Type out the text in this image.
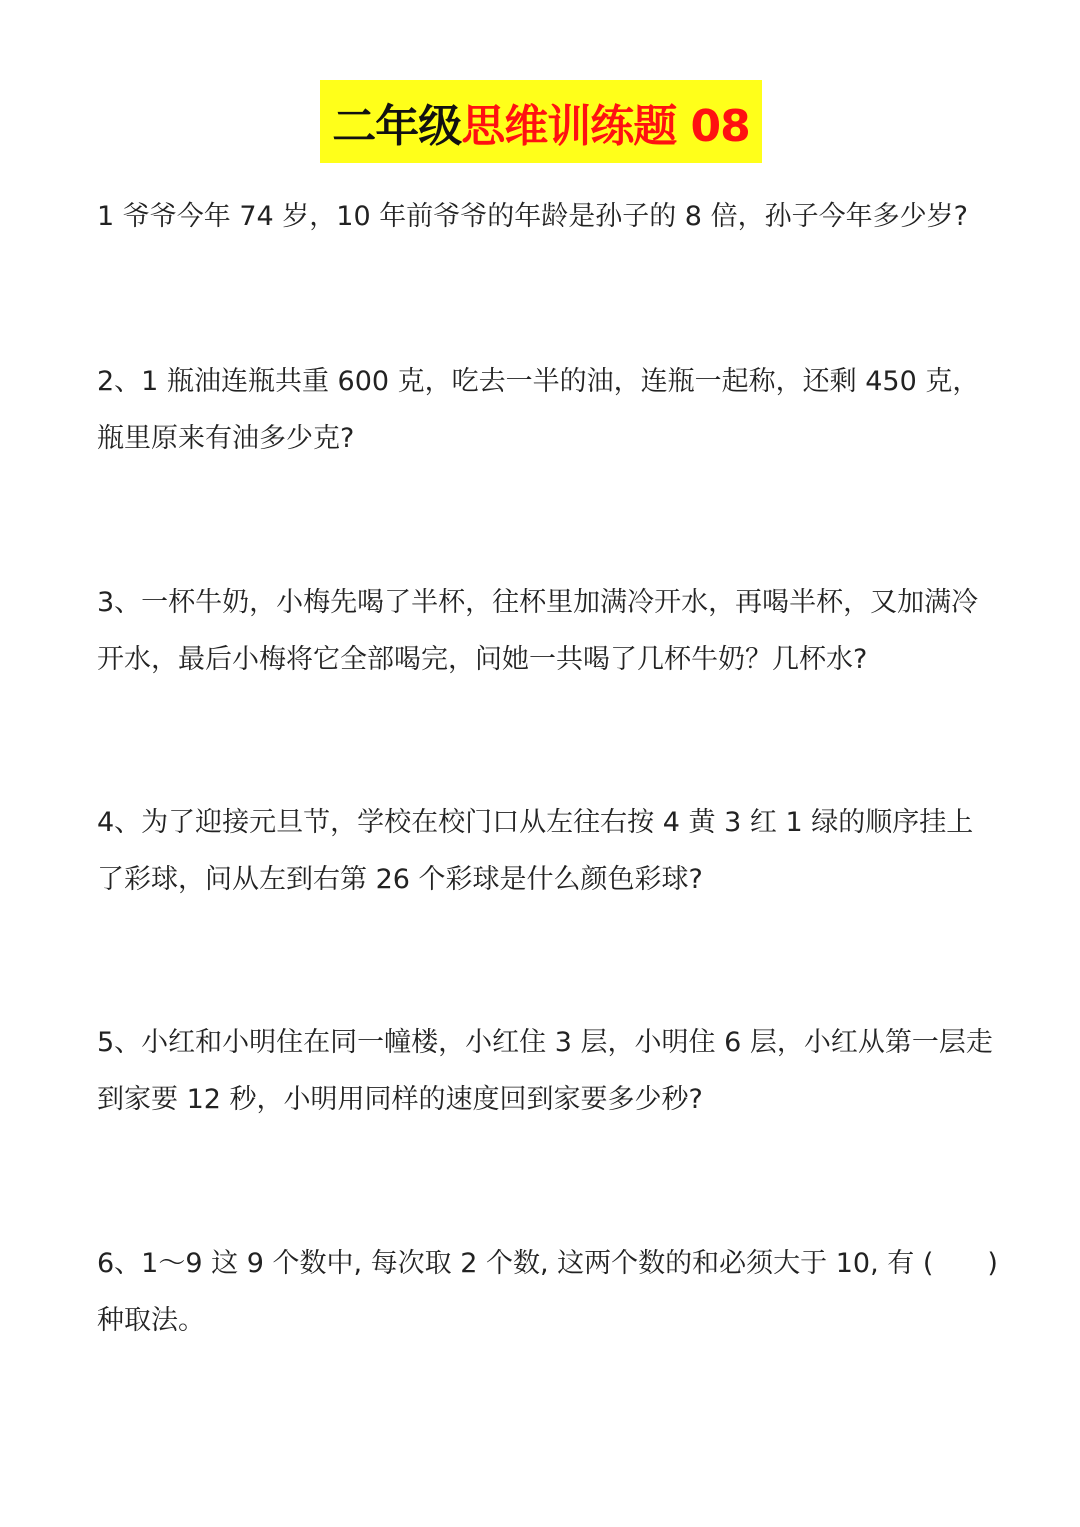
二年级 思维训练题 08

1 爷爷今年 74 岁，10 年前爷爷的年龄是孙子的 8 倍，孙子今年多少岁?

2、1 瓶油连瓶共重 600 克，吃去一半的油，连瓶一起称，还剩 450 克，

瓶里原来有油多少克?

3、一杯牛奶，小梅先喝了半杯，往杯里加满冷开水，再喝半杯，又加满冷

开水，最后小梅将它全部喝完，问她一共喝了几杯牛奶？几杯水?

4、为了迎接元旦节，学校在校门口从左往右按 4 黄 3 红 1 绿的顺序挂上

了彩球，问从左到右第 26 个彩球是什么颜色彩球?

5、小红和小明住在同一幢楼，小红住 3 层，小明住 6 层，小红从第一层走

到家要 12 秒，小明用同样的速度回到家要多少秒?

6、1～9 这 9 个数中, 每次取 2 个数, 这两个数的和必须大于 10, 有 (　　)

种取法。
